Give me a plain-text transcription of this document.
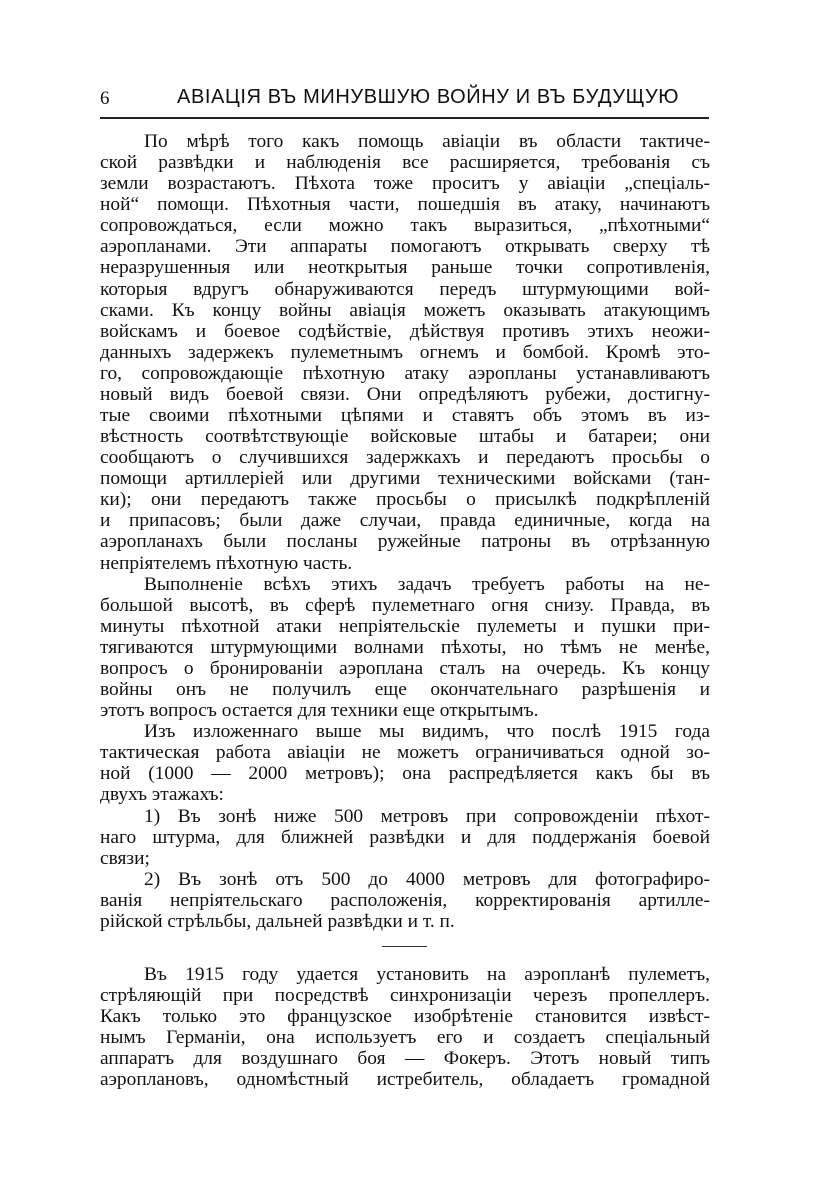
6	АВІАЦІЯ ВЪ МИНУВШУЮ ВОЙНУ И ВЪ БУДУЩУЮ
По мѣрѣ того какъ помощь авіаціи въ области тактиче-
ской развѣдки и наблюденія все расширяется, требованія съ
земли возрастаютъ. Пѣхота тоже проситъ у авіаціи „спеціаль-
ной“ помощи. Пѣхотныя части, пошедшія въ атаку, начинаютъ
сопровождаться, если можно такъ выразиться, „пѣхотными“
аэропланами. Эти аппараты помогаютъ открывать сверху тѣ
неразрушенныя или неоткрытыя раньше точки сопротивленія,
которыя вдругъ обнаруживаются передъ штурмующими вой-
сками. Къ концу войны авіація можетъ оказывать атакующимъ
войскамъ и боевое содѣйствіе, дѣйствуя противъ этихъ неожи-
данныхъ задержекъ пулеметнымъ огнемъ и бомбой. Кромѣ это-
го, сопровождающіе пѣхотную атаку аэропланы устанавливаютъ
новый видъ боевой связи. Они опредѣляютъ рубежи, достигну-
тые своими пѣхотными цѣпями и ставятъ объ этомъ въ из-
вѣстность соотвѣтствующіе войсковые штабы и батареи; они
сообщаютъ о случившихся задержкахъ и передаютъ просьбы о
помощи артиллеріей или другими техническими войсками (тан-
ки); они передаютъ также просьбы о присылкѣ подкрѣпленій
и припасовъ; были даже случаи, правда единичные, когда на
аэропланахъ были посланы ружейные патроны въ отрѣзанную
непріятелемъ пѣхотную часть.
Выполненіе всѣхъ этихъ задачъ требуетъ работы на не-
большой высотѣ, въ сферѣ пулеметнаго огня снизу. Правда, въ
минуты пѣхотной атаки непріятельскіе пулеметы и пушки при-
тягиваются штурмующими волнами пѣхоты, но тѣмъ не менѣе,
вопросъ о бронированіи аэроплана сталъ на очередь. Къ концу
войны онъ не получилъ еще окончательнаго разрѣшенія и
этотъ вопросъ остается для техники еще открытымъ.
Изъ изложеннаго выше мы видимъ, что послѣ 1915 года
тактическая работа авіаціи не можетъ ограничиваться одной зо-
ной (1000 — 2000 метровъ); она распредѣляется какъ бы въ
двухъ этажахъ:
1) Въ зонѣ ниже 500 метровъ при сопровожденіи пѣхот-
наго штурма, для ближней развѣдки и для поддержанія боевой
связи;
2) Въ зонѣ отъ 500 до 4000 метровъ для фотографиро-
ванія непріятельскаго расположенія, корректированія артилле-
рійской стрѣльбы, дальней развѣдки и т. п.
Въ 1915 году удается установить на аэропланѣ пулеметъ,
стрѣляющій при посредствѣ синхронизаціи черезъ пропеллеръ.
Какъ только это французское изобрѣтеніе становится извѣст-
нымъ Германіи, она используетъ его и создаетъ спеціальный
аппаратъ для воздушнаго боя — Фокеръ. Этотъ новый типъ
аэроплановъ, одномѣстный истребитель, обладаетъ громадной
